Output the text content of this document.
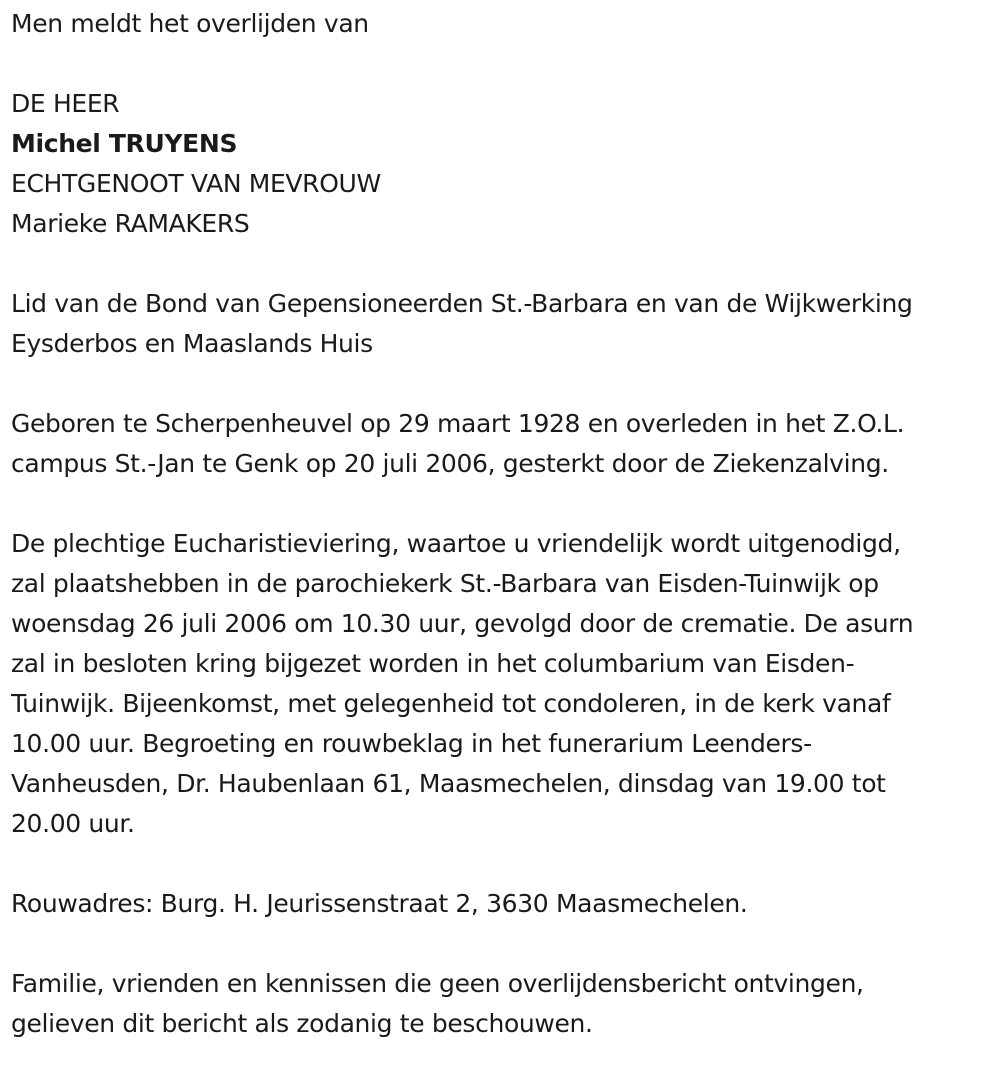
Men meldt het overlijden van
DE HEER
Michel TRUYENS
ECHTGENOOT VAN MEVROUW
Marieke RAMAKERS
Lid van de Bond van Gepensioneerden St.-Barbara en van de Wijkwerking
Eysderbos en Maaslands Huis
Geboren te Scherpenheuvel op 29 maart 1928 en overleden in het Z.O.L.
campus St.-Jan te Genk op 20 juli 2006, gesterkt door de Ziekenzalving.
De plechtige Eucharistieviering, waartoe u vriendelijk wordt uitgenodigd,
zal plaatshebben in de parochiekerk St.-Barbara van Eisden-Tuinwijk op
woensdag 26 juli 2006 om 10.30 uur, gevolgd door de crematie. De asurn
zal in besloten kring bijgezet worden in het columbarium van Eisden-
Tuinwijk. Bijeenkomst, met gelegenheid tot condoleren, in de kerk vanaf
10.00 uur. Begroeting en rouwbeklag in het funerarium Leenders-
Vanheusden, Dr. Haubenlaan 61, Maasmechelen, dinsdag van 19.00 tot
20.00 uur.
Rouwadres: Burg. H. Jeurissenstraat 2, 3630 Maasmechelen.
Familie, vrienden en kennissen die geen overlijdensbericht ontvingen,
gelieven dit bericht als zodanig te beschouwen.
